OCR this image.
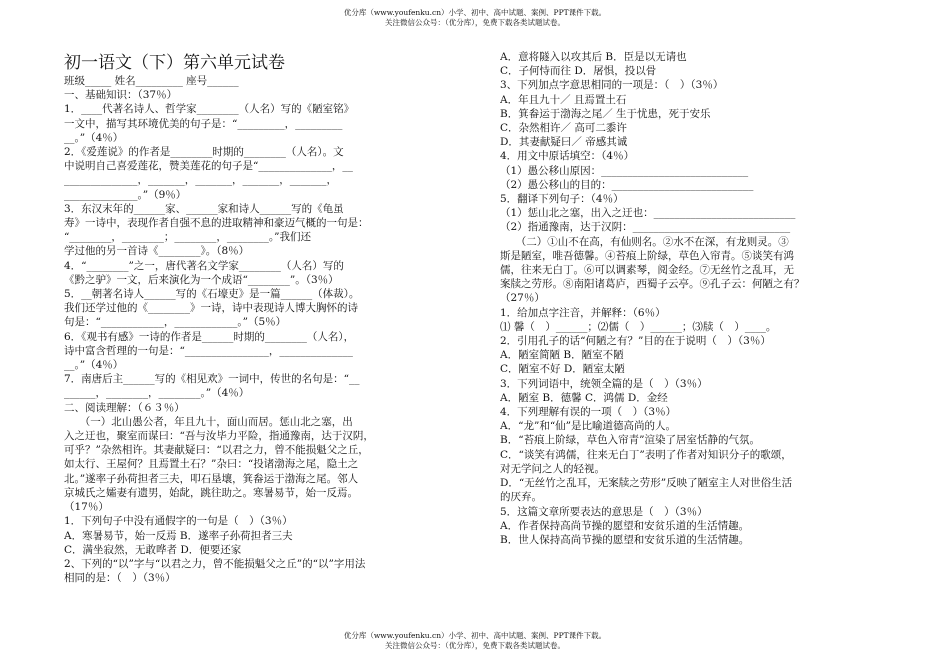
优分库（www.youfenku.cn）小学、初中、高中试题、案例、PPT课件下载。
关注微信公众号：（优分库），免费下载各类试题试卷。
初一语文（下）第六单元试卷
班级_____ 姓名_________ 座号______
一、基础知识：（37％）
1．____代著名诗人、哲学家________（人名）写的《陋室铭》
一文中，描写其环境优美的句子是：“_________，_________
__。”（4％）
2．《爱莲说》的作者是________时期的________（人名）。文
中说明自己喜爱莲花，赞美莲花的句子是“______________，__
______________，_______，_______，_______，_______，
______________。”（9％）
3．东汉末年的______家、______家和诗人______写的《龟虽
寿》一诗中，表现作者自强不息的进取精神和豪迈气概的一句是：
“________，________；________，________。”我们还
学过他的另一首诗《________》。（8％）
4．“________”之一，唐代著名文学家________（人名）写的
《黔之驴》一文，后来演化为一个成语“________”。（3％）
5．__朝著名诗人______写的《石壕吏》是一篇______（体裁）。
我们还学过他的《________》一诗，诗中表现诗人博大胸怀的诗
句是：“____________，____________。”（5％）
6．《观书有感》一诗的作者是______时期的________（人名），
诗中富含哲理的一句是：“________________，______________
__。”（4％）
7．南唐后主______写的《相见欢》一词中，传世的名句是：“__
______，________，________。”（4％）
二、阅读理解：（６３％）
　　（一）北山愚公者，年且九十，面山而居。惩山北之塞，出
入之迂也，聚室而谋曰：“吾与汝毕力平险，指通豫南，达于汉阴，
可乎？”杂然相许。其妻献疑曰：“以君之力，曾不能损魁父之丘，
如太行、王屋何？且焉置土石？”杂曰：“投诸渤海之尾，隐土之
北。”遂率子孙荷担者三夫，叩石垦壤，箕畚运于渤海之尾。邻人
京城氏之孀妻有遗男，始龀，跳往助之。寒暑易节，始一反焉。
（17％）
1．下列句子中没有通假字的一句是（　）（3％）
A．寒暑易节，始一反焉 B．遂率子孙荷担者三夫
C．满坐寂然，无敢哗者 D．便要还家
2、下列的“以”字与“以君之力，曾不能损魁父之丘”的“以”字用法
相同的是：（　）（3％）
A．意将隧入以攻其后 B．臣是以无请也
C．子何恃而往 D．屠惧，投以骨
3、下列加点字意思相同的一项是：（　）（3％）
A．年且九十／ 且焉置土石
B．箕畚运于渤海之尾／ 生于忧患，死于安乐
C．杂然相许／ 高可二黍许
D．其妻献疑曰／ 帝感其诚
4．用文中原话填空：（4％）
（1）愚公移山原因：____________________________
（2）愚公移山的目的：___________________________
5．翻译下列句子：（4％）
（1）惩山北之塞，出入之迂也：___________________________
（2）指通豫南，达于汉阴：______________________________
　　（二）①山不在高，有仙则名。②水不在深，有龙则灵。③
斯是陋室，唯吾德馨。④苔痕上阶绿，草色入帘青。⑤谈笑有鸿
儒，往来无白丁。⑥可以调素琴，阅金经。⑦无丝竹之乱耳，无
案牍之劳形。⑧南阳诸葛庐，西蜀子云亭。⑨孔子云：何陋之有？
（27％）
1．给加点字注音，并解释：（6％）
⑴ 馨（　）______；⑵儒（　）______；⑶牍（　）____。
2．引用孔子的话“何陋之有？”目的在于说明（　）（3％）
A．陋室简陋 B．陋室不陋
C．陋室不好 D．陋室太陋
3．下列词语中，统领全篇的是（　）（3％）
A．陋室 B．德馨 C．鸿儒 D．金经
4．下列理解有误的一项（　）（3％）
A．“龙”和“仙”是比喻道德高尚的人。
B．“苔痕上阶绿，草色入帘青”渲染了居室恬静的气氛。
C．“谈笑有鸿儒，往来无白丁”表明了作者对知识分子的歌颂，
对无学问之人的轻视。
D．“无丝竹之乱耳，无案牍之劳形”反映了陋室主人对世俗生活
的厌弃。
5．这篇文章所要表达的意思是（　）（3％）
A．作者保持高尚节操的愿望和安贫乐道的生活情趣。
B．世人保持高尚节操的愿望和安贫乐道的生活情趣。
优分库（www.youfenku.cn）小学、初中、高中试题、案例、PPT课件下载。
关注微信公众号：（优分库），免费下载各类试题试卷。
